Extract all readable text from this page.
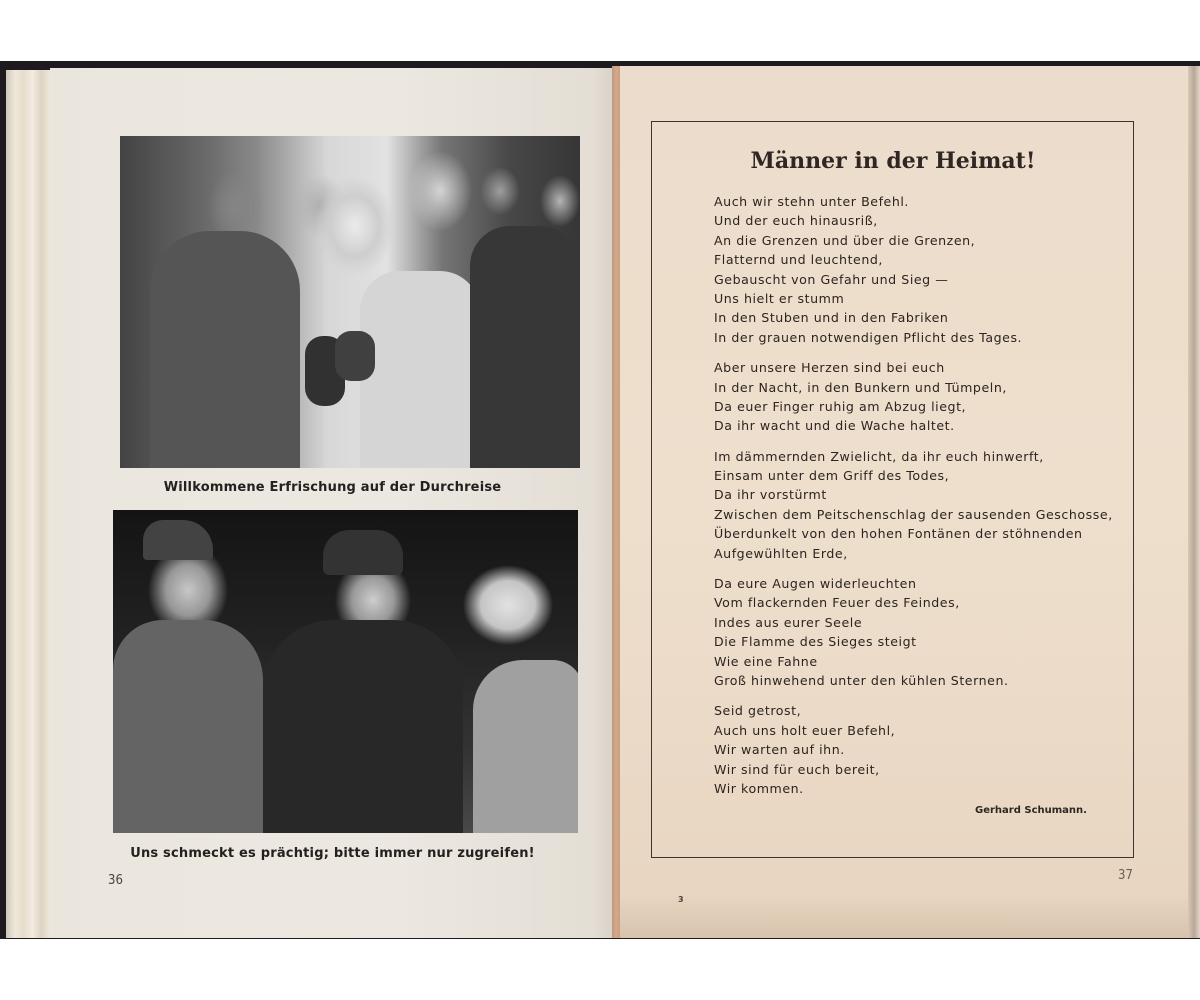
Willkommene Erfrischung auf der Durchreise
Uns schmeckt es prächtig; bitte immer nur zugreifen!
36
Männer in der Heimat!
Auch wir stehn unter Befehl.
Und der euch hinausriß,
An die Grenzen und über die Grenzen,
Flatternd und leuchtend,
Gebauscht von Gefahr und Sieg —
Uns hielt er stumm
In den Stuben und in den Fabriken
In der grauen notwendigen Pflicht des Tages.
Aber unsere Herzen sind bei euch
In der Nacht, in den Bunkern und Tümpeln,
Da euer Finger ruhig am Abzug liegt,
Da ihr wacht und die Wache haltet.
Im dämmernden Zwielicht, da ihr euch hinwerft,
Einsam unter dem Griff des Todes,
Da ihr vorstürmt
Zwischen dem Peitschenschlag der sausenden Geschosse,
Überdunkelt von den hohen Fontänen der stöhnenden
Aufgewühlten Erde,
Da eure Augen widerleuchten
Vom flackernden Feuer des Feindes,
Indes aus eurer Seele
Die Flamme des Sieges steigt
Wie eine Fahne
Groß hinwehend unter den kühlen Sternen.
Seid getrost,
Auch uns holt euer Befehl,
Wir warten auf ihn.
Wir sind für euch bereit,
Wir kommen.
Gerhard Schumann.
37
3
